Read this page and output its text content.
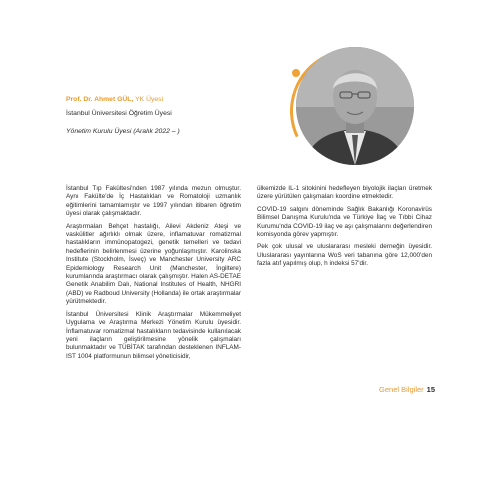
Prof. Dr. Ahmet GÜL, YK Üyesi

İstanbul Üniversitesi Öğretim Üyesi

Yönetim Kurulu Üyesi (Aralık 2022 – )

İstanbul Tıp Fakültesi'nden 1987 yılında mezun olmuştur. Aynı Fakülte'de İç Hastalıkları ve Romatoloji uzmanlık eğitimlerini tamamlamıştır ve 1997 yılından itibaren öğretim üyesi olarak çalışmaktadır.

Araştırmaları Behçet hastalığı, Ailevi Akdeniz Ateşi ve vaskülitler ağırlıklı olmak üzere, inflamatuvar romatizmal hastalıkların immünopatogezi, genetik temelleri ve tedavi hedeflerinin belirlenmesi üzerine yoğunlaşmıştır. Karolinska Institute (Stockholm, İsveç) ve Manchester University ARC Epidemiology Research Unit (Manchester, İngiltere) kurumlarında araştırmacı olarak çalışmıştır. Halen AS-DETAE Genetik Anabilim Dalı, National Institutes of Health, NHGRI (ABD) ve Radboud University (Hollanda) ile ortak araştırmalar yürütmektedir.

İstanbul Üniversitesi Klinik Araştırmalar Mükemmeliyet Uygulama ve Araştırma Merkezi Yönetim Kurulu üyesidir. İnflamatuvar romatizmal hastalıkların tedavisinde kullanılacak yeni ilaçların geliştirilmesine yönelik çalışmaları bulunmaktadır ve TÜBİTAK tarafından desteklenen INFLAM-IST 1004 platformunun bilimsel yöneticisidir,

ülkemizde IL-1 sitokinini hedefleyen biyolojik ilaçları üretmek üzere yürütülen çalışmaları koordine etmektedir.

COVID-19 salgını döneminde Sağlık Bakanlığı Koronavirüs Bilimsel Danışma Kurulu'nda ve Türkiye İlaç ve Tıbbi Cihaz Kurumu'nda COVID-19 ilaç ve aşı çalışmalarını değerlendiren komisyonda görev yapmıştır.

Pek çok ulusal ve uluslararası mesleki derneğin üyesidir. Uluslararası yayınlarına WoS veri tabanına göre 12,000'den fazla atıf yapılmış olup, h indeksi 57'dir.

Genel Bilgiler 15
